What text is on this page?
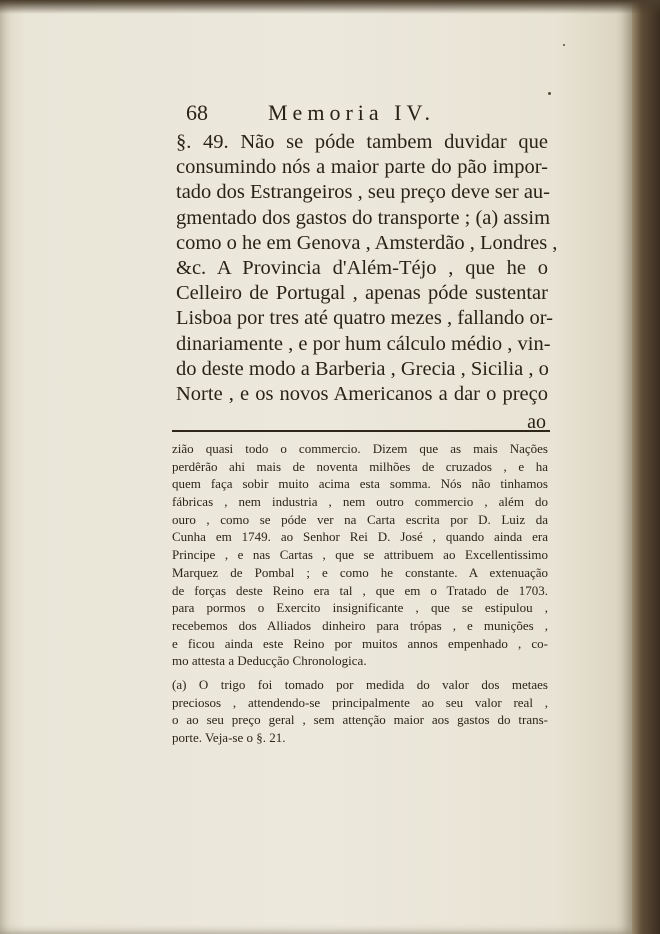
68	Memoria IV.
§. 49. Não se póde tambem duvidar que
consumindo nós a maior parte do pão impor-
tado dos Estrangeiros , seu preço deve ser au-
gmentado dos gastos do transporte ; (a) assim
como o he em Genova , Amsterdão , Londres ,
&c. A Provincia d'Além-Téjo , que he o
Celleiro de Portugal , apenas póde sustentar
Lisboa por tres até quatro mezes , fallando or-
dinariamente , e por hum cálculo médio , vin-
do deste modo a Barberia , Grecia , Sicilia , o
Norte , e os novos Americanos a dar o preço
ao
zião quasi todo o commercio. Dizem que as mais Nações
perdêrão ahi mais de noventa milhões de cruzados , e ha
quem faça sobir muito acima esta somma. Nós não tinhamos
fábricas , nem industria , nem outro commercio , além do
ouro , como se póde ver na Carta escrita por D. Luiz da
Cunha em 1749. ao Senhor Rei D. José , quando ainda era
Principe , e nas Cartas , que se attribuem ao Excellentissimo
Marquez de Pombal ; e como he constante. A extenuação
de forças deste Reino era tal , que em o Tratado de 1703.
para pormos o Exercito insignificante , que se estipulou ,
recebemos dos Alliados dinheiro para trópas , e munições ,
e ficou ainda este Reino por muitos annos empenhado , co-
mo attesta a Deducção Chronologica.
(a) O trigo foi tomado por medida do valor dos metaes
preciosos , attendendo-se principalmente ao seu valor real ,
o ao seu preço geral , sem attenção maior aos gastos do trans-
porte. Veja-se o §. 21.
